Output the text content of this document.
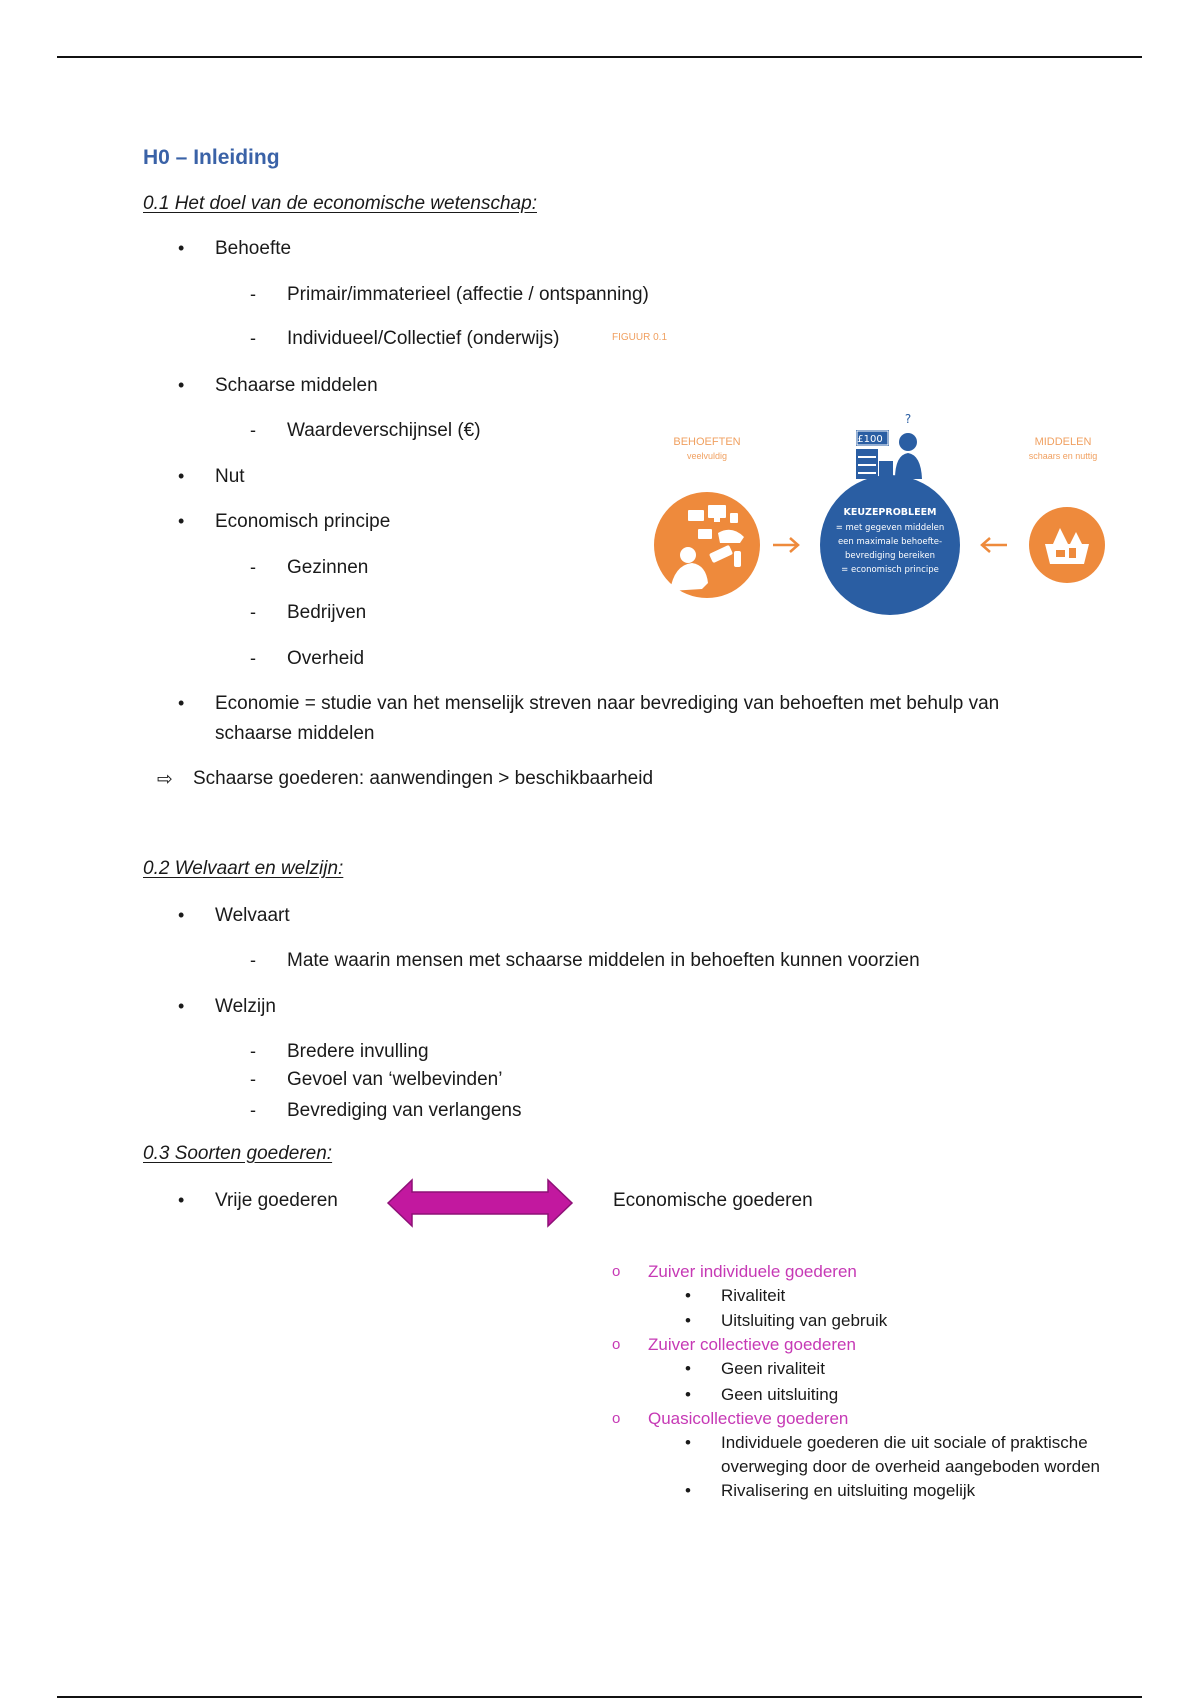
H0 – Inleiding
0.1 Het doel van de economische wetenschap:
• Behoefte
- Primair/immaterieel (affectie / ontspanning)
- Individueel/Collectief (onderwijs)
• Schaarse middelen
- Waardeverschijnsel (€)
• Nut
• Economisch principe
- Gezinnen
- Bedrijven
- Overheid
• Economie = studie van het menselijk streven naar bevrediging van behoeften met behulp van
schaarse middelen
⇨ Schaarse goederen: aanwendingen > beschikbaarheid
FIGUUR 0.1
BEHOEFTEN
veelvuldig
MIDDELEN
schaars en nuttig
£100
?
KEUZEPROBLEEM
= met gegeven middelen
een maximale behoefte-
bevrediging bereiken
= economisch principe
0.2 Welvaart en welzijn:
• Welvaart
- Mate waarin mensen met schaarse middelen in behoeften kunnen voorzien
• Welzijn
- Bredere invulling
- Gevoel van ‘welbevinden’
- Bevrediging van verlangens
0.3 Soorten goederen:
• Vrije goederen	Economische goederen
o Zuiver individuele goederen
• Rivaliteit
• Uitsluiting van gebruik
o Zuiver collectieve goederen
• Geen rivaliteit
• Geen uitsluiting
o Quasicollectieve goederen
• Individuele goederen die uit sociale of praktische
overweging door de overheid aangeboden worden
• Rivalisering en uitsluiting mogelijk
